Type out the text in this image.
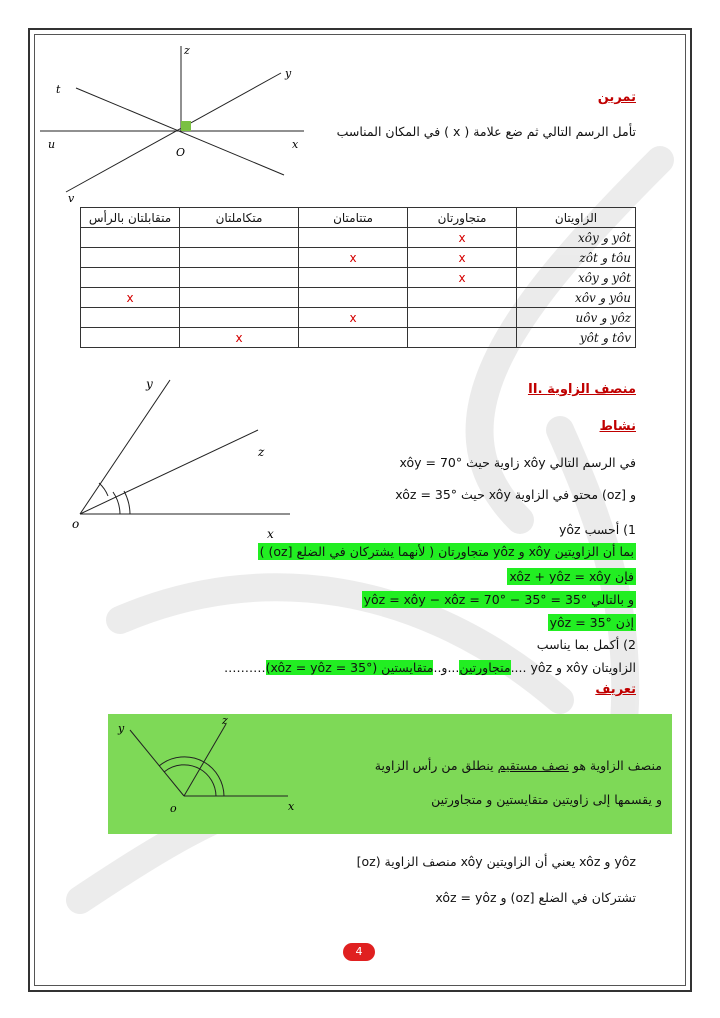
تمرين
تأمل الرسم التالي ثم ضع علامة ( x ) في المكان المناسب
z
y
t
u	x
O
v
الزاويتان	متجاورتان	متتامتان	متكاملتان	متقابلتان بالرأس
yôt و xôy	x			
tôu و zôt	x	x		
yôt و xôy	x			
yôu و xôv				x
yôz و uôv		x		
tôv و yôt			x	
II. منصف الزاوية
نشاط
y
z
o
x
في الرسم التالي xôy زاوية حيث xôy = 70°
و [oz) محتو في الزاوية xôy حيث xôz = 35°
1) أحسب yôz
بما أن الزاويتين xôy و yôz متجاورتان ( لأنهما يشتركان في الضلع [oz) )
فإن xôz + yôz = xôy
و بالتالي yôz = xôy − xôz = 70° − 35° = 35°
إذن yôz = 35°
2) أكمل بما يناسب
الزاويتان xôy و yôz ....متجاورتين...و..متقايستين (xôz = yôz = 35°)……….
تعريف
y
z
o	x
منصف الزاوية هو نصف مستقيم ينطلق من رأس الزاوية
و يقسمها إلى زاويتين متقايستين و متجاورتين
[oz) منصف الزاوية xôy يعني أن الزاويتين xôz و yôz
تشتركان في الضلع [oz) و xôz = yôz
4
